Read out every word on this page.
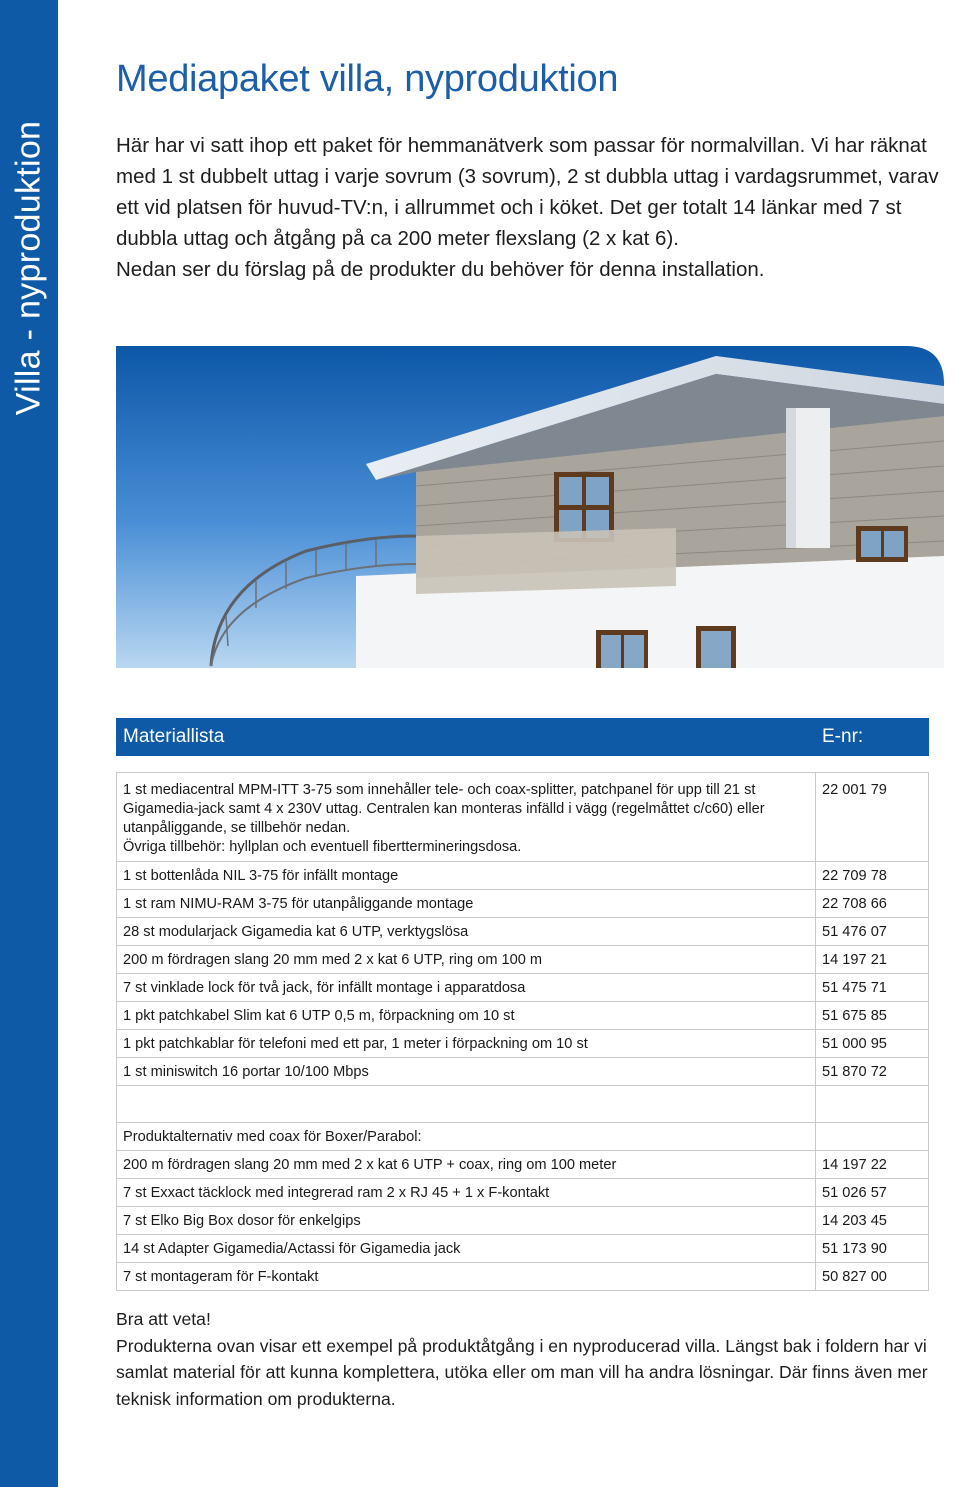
Villa - nyproduktion
Mediapaket villa, nyproduktion

Här har vi satt ihop ett paket för hemmanätverk som passar för normalvillan. Vi har räknat med 1 st dubbelt uttag i varje sovrum (3 sovrum), 2 st dubbla uttag i vardagsrummet, varav ett vid platsen för huvud-TV:n, i allrummet och i köket. Det ger totalt 14 länkar med 7 st dubbla uttag och åtgång på ca 200 meter flexslang (2 x kat 6).

Nedan ser du förslag på de produkter du behöver för denna installation.

Materiallista	E-nr:

1 st mediacentral MPM-ITT 3-75 som innehåller tele- och coax-splitter, patchpanel för upp till 21 st Gigamedia-jack samt 4 x 230V uttag. Centralen kan monteras infälld i vägg (regelmåttet c/c60) eller utanpåliggande, se tillbehör nedan.
Övriga tillbehör: hyllplan och eventuell fiberttermineringsdosa.	22 001 79
1 st bottenlåda NIL 3-75 för infällt montage	22 709 78
1 st ram NIMU-RAM 3-75 för utanpåliggande montage	22 708 66
28 st modularjack Gigamedia kat 6 UTP, verktygslösa	51 476 07
200 m fördragen slang 20 mm med 2 x kat 6 UTP, ring om 100 m	14 197 21
7 st vinklade lock för två jack, för infällt montage i apparatdosa	51 475 71
1 pkt patchkabel Slim kat 6 UTP 0,5 m, förpackning om 10 st	51 675 85
1 pkt patchkablar för telefoni med ett par, 1 meter i förpackning om 10 st	51 000 95
1 st miniswitch 16 portar 10/100 Mbps	51 870 72

Produktalternativ med coax för Boxer/Parabol:	
200 m fördragen slang 20 mm med 2 x kat 6 UTP + coax, ring om 100 meter	14 197 22
7 st Exxact täcklock med integrerad ram 2 x RJ 45 + 1 x F-kontakt	51 026 57
7 st Elko Big Box dosor för enkelgips	14 203 45
14 st Adapter Gigamedia/Actassi för Gigamedia jack	51 173 90
7 st montageram för F-kontakt	50 827 00

Bra att veta!

Produkterna ovan visar ett exempel på produktåtgång i en nyproducerad villa. Längst bak i foldern har vi samlat material för att kunna komplettera, utöka eller om man vill ha andra lösningar. Där finns även mer teknisk information om produkterna.
